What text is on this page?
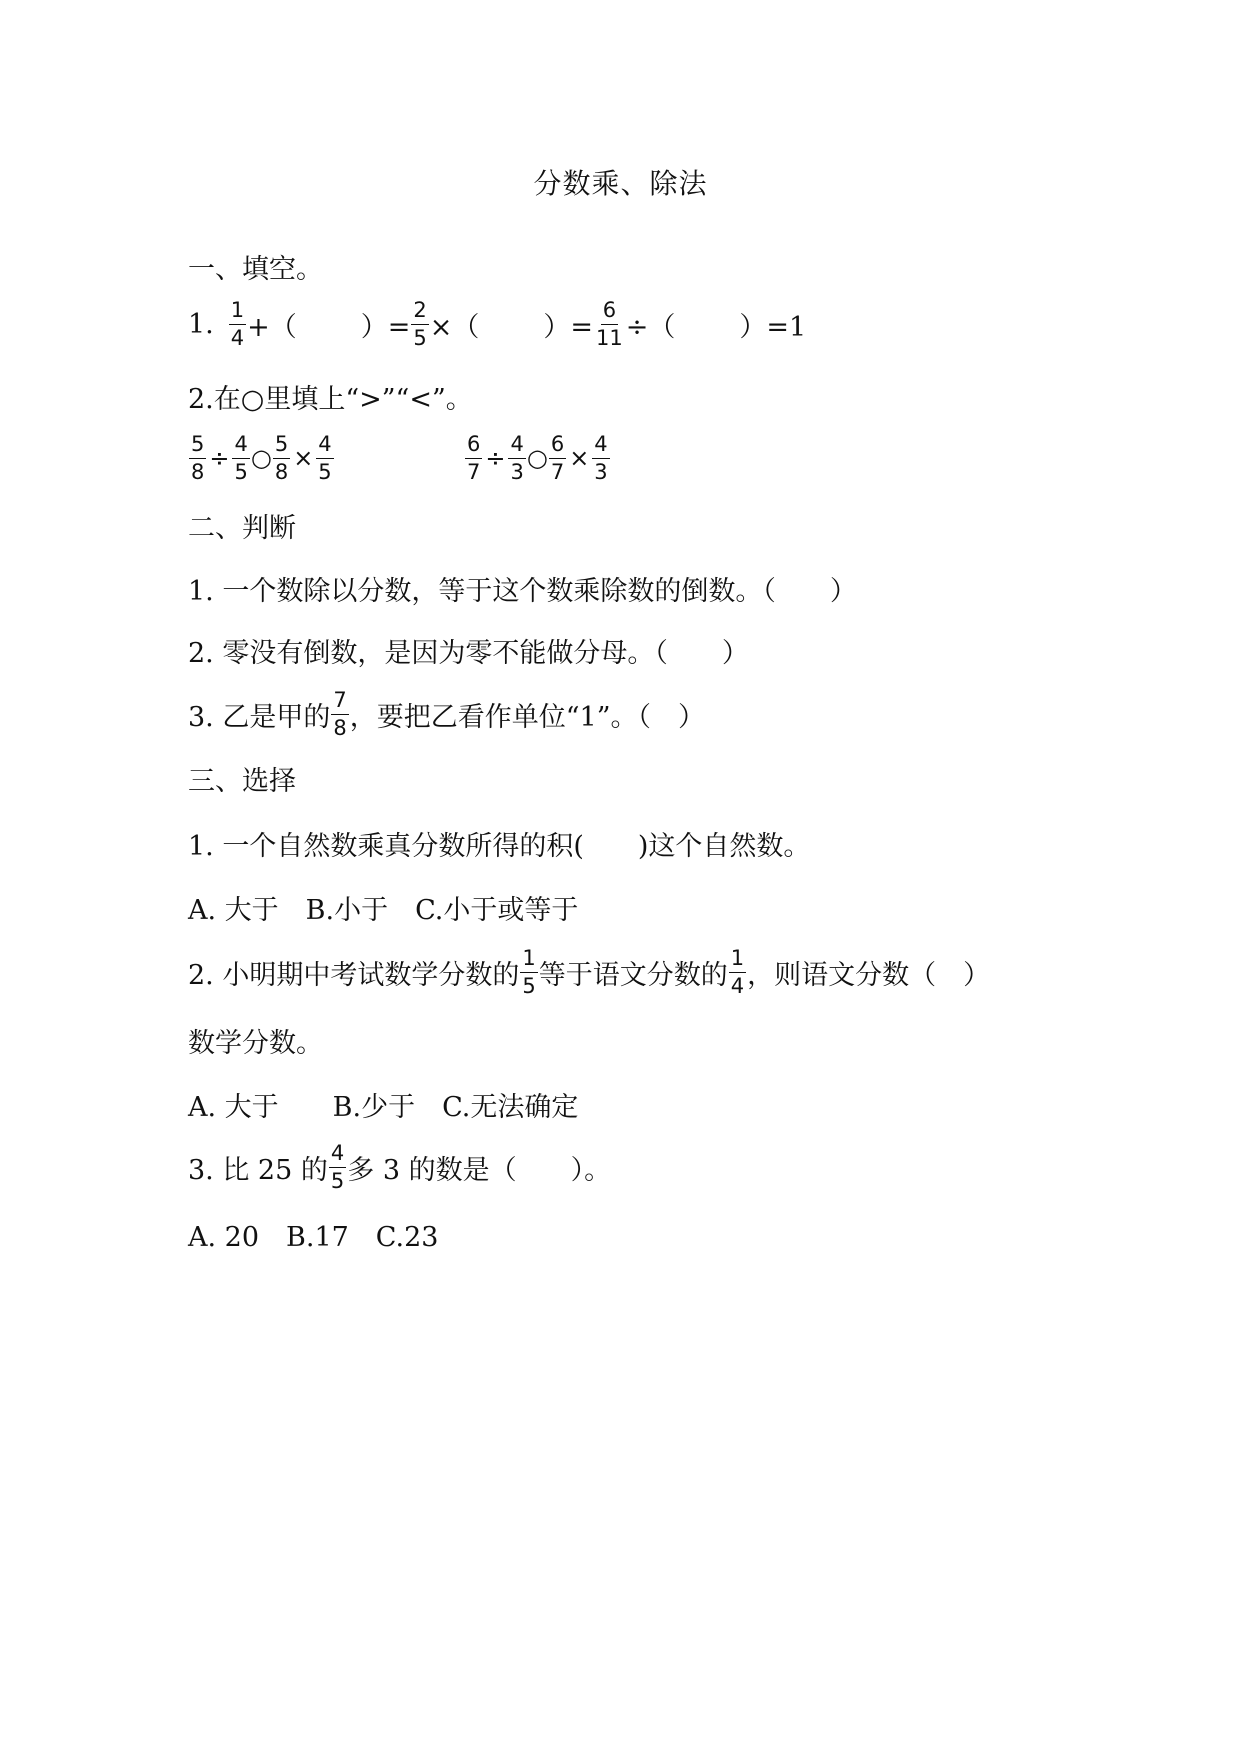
分数乘、除法
一、填空。
1. $\frac{1}{4}$ +（ ）= $\frac{2}{5}$ ×（ ）= $\frac{6}{11}$ ÷（ ）=1
2.在○里填上“>”“<”。
$\frac{5}{8} \div \frac{4}{5}$ ○ $\frac{5}{8} \times \frac{4}{5}$	$\frac{6}{7} \div \frac{4}{3}$ ○ $\frac{6}{7} \times \frac{4}{3}$
二、判断
1. 一个数除以分数，等于这个数乘除数的倒数。（　　）
2. 零没有倒数，是因为零不能做分母。（　　）
3. 乙是甲的 $\frac{7}{8}$ ，要把乙看作单位“1”。（　）
三、选择
1. 一个自然数乘真分数所得的积(　　)这个自然数。
A. 大于　B.小于　C.小于或等于
2. 小明期中考试数学分数的 $\frac{1}{5}$ 等于语文分数的 $\frac{1}{4}$ ，则语文分数（　）
数学分数。
A. 大于　　B.少于　C.无法确定
3. 比 25 的 $\frac{4}{5}$ 多 3 的数是（　　）。
A. 20　B.17　C.23
